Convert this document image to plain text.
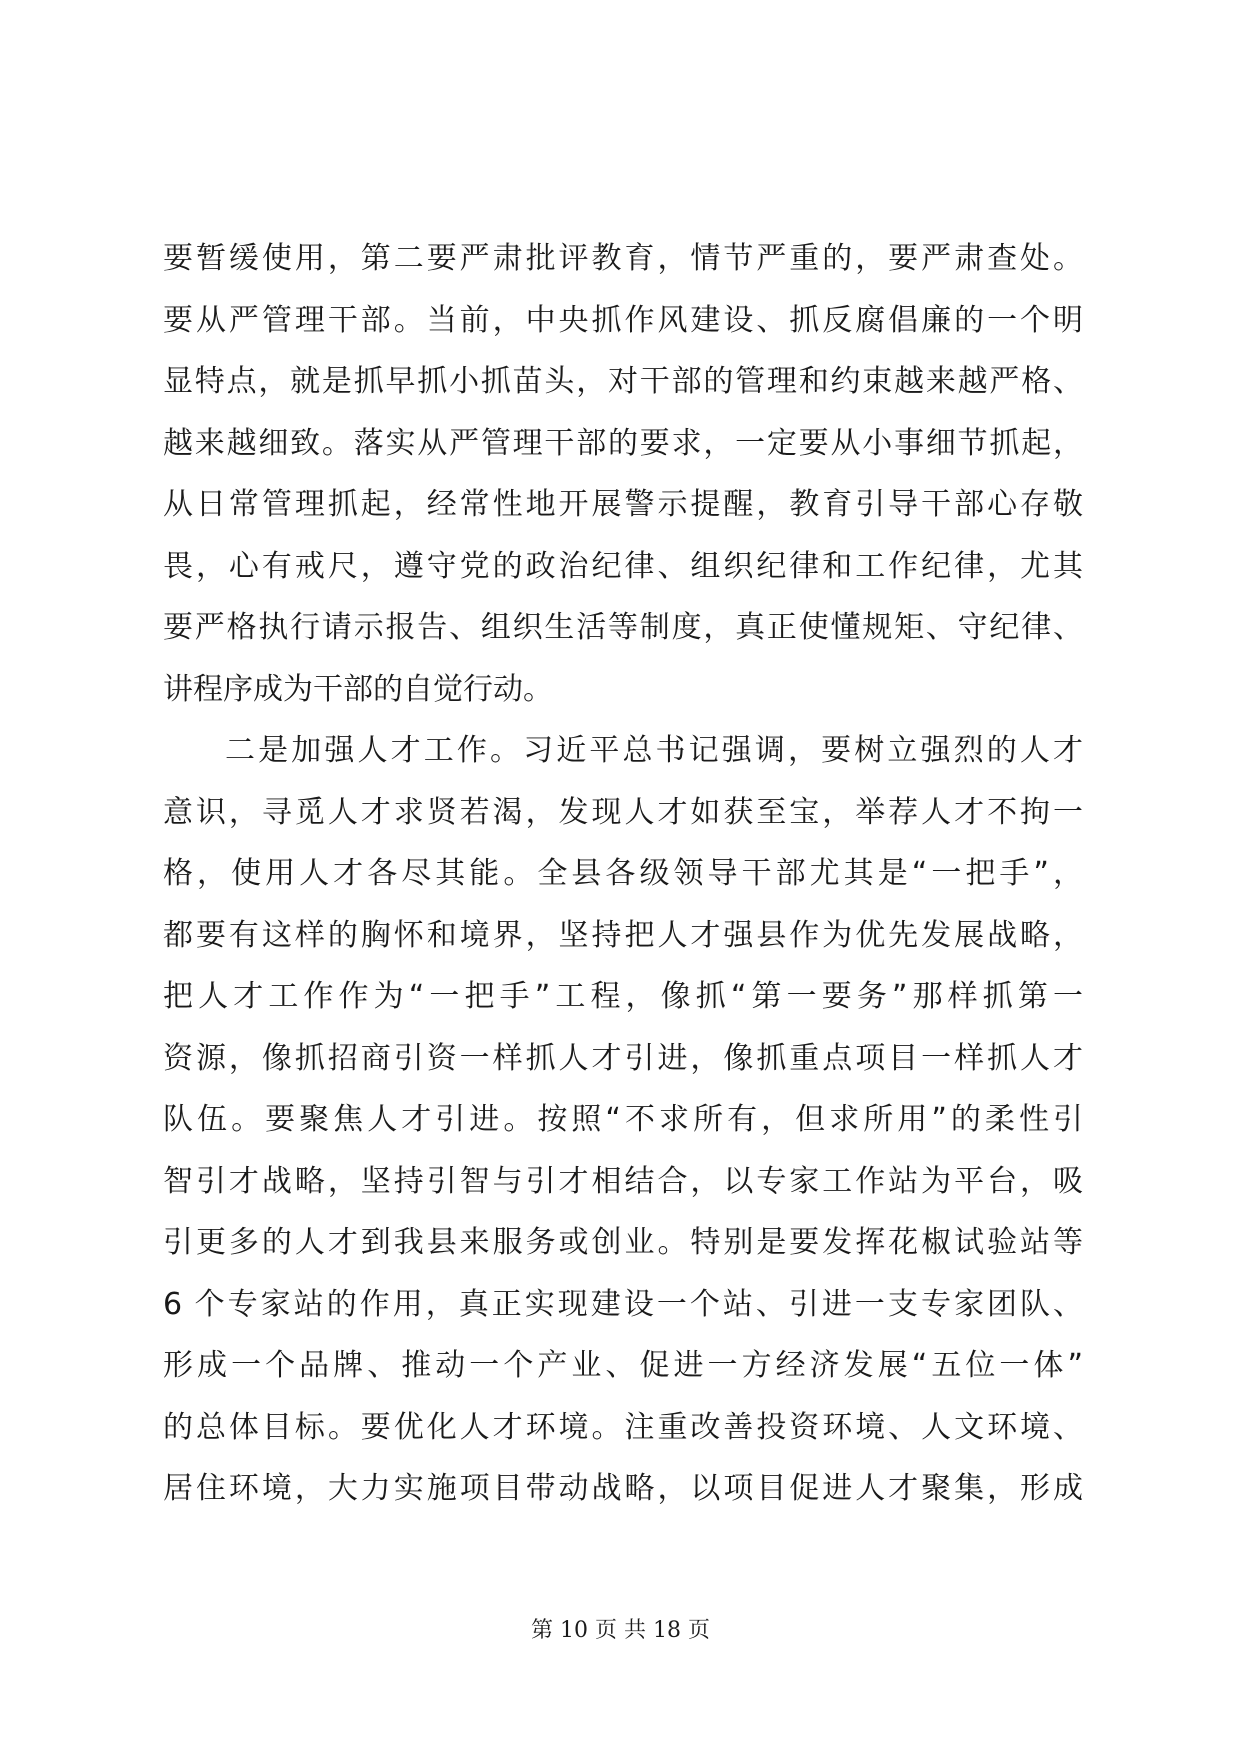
要暂缓使用，第二要严肃批评教育，情节严重的，要严肃查处。
要从严管理干部。当前，中央抓作风建设、抓反腐倡廉的一个明
显特点，就是抓早抓小抓苗头，对干部的管理和约束越来越严格、
越来越细致。落实从严管理干部的要求，一定要从小事细节抓起，
从日常管理抓起，经常性地开展警示提醒，教育引导干部心存敬
畏，心有戒尺，遵守党的政治纪律、组织纪律和工作纪律，尤其
要严格执行请示报告、组织生活等制度，真正使懂规矩、守纪律、
讲程序成为干部的自觉行动。
二是加强人才工作。习近平总书记强调，要树立强烈的人才
意识，寻觅人才求贤若渴，发现人才如获至宝，举荐人才不拘一
格，使用人才各尽其能。全县各级领导干部尤其是“一把手”，
都要有这样的胸怀和境界，坚持把人才强县作为优先发展战略，
把人才工作作为“一把手”工程，像抓“第一要务”那样抓第一
资源，像抓招商引资一样抓人才引进，像抓重点项目一样抓人才
队伍。要聚焦人才引进。按照“不求所有，但求所用”的柔性引
智引才战略，坚持引智与引才相结合，以专家工作站为平台，吸
引更多的人才到我县来服务或创业。特别是要发挥花椒试验站等
6 个专家站的作用，真正实现建设一个站、引进一支专家团队、
形成一个品牌、推动一个产业、促进一方经济发展“五位一体”
的总体目标。要优化人才环境。注重改善投资环境、人文环境、
居住环境，大力实施项目带动战略，以项目促进人才聚集，形成
第 10 页 共 18 页
